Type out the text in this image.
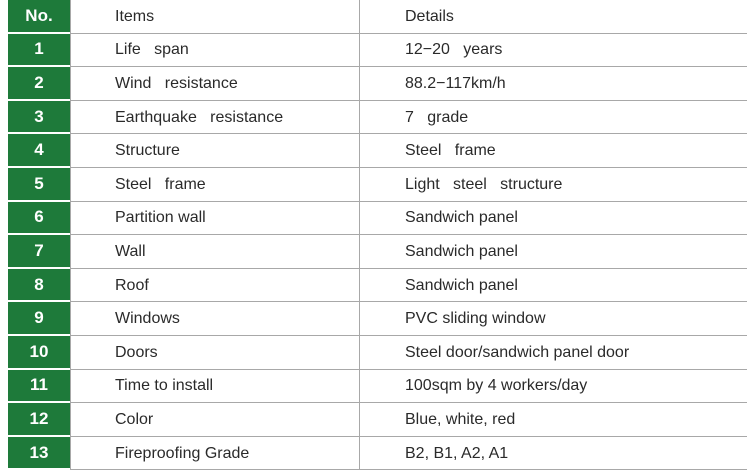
No.	Items	Details
1	Life   span	12−20   years
2	Wind   resistance	88.2−117km/h
3	Earthquake   resistance	7   grade
4	Structure	Steel   frame
5	Steel   frame	Light   steel   structure
6	Partition wall	Sandwich panel
7	Wall	Sandwich panel
8	Roof	Sandwich panel
9	Windows	PVC sliding window
10	Doors	Steel door/sandwich panel door
11	Time to install	100sqm by 4 workers/day
12	Color	Blue, white, red
13	Fireproofing Grade	B2, B1, A2, A1
